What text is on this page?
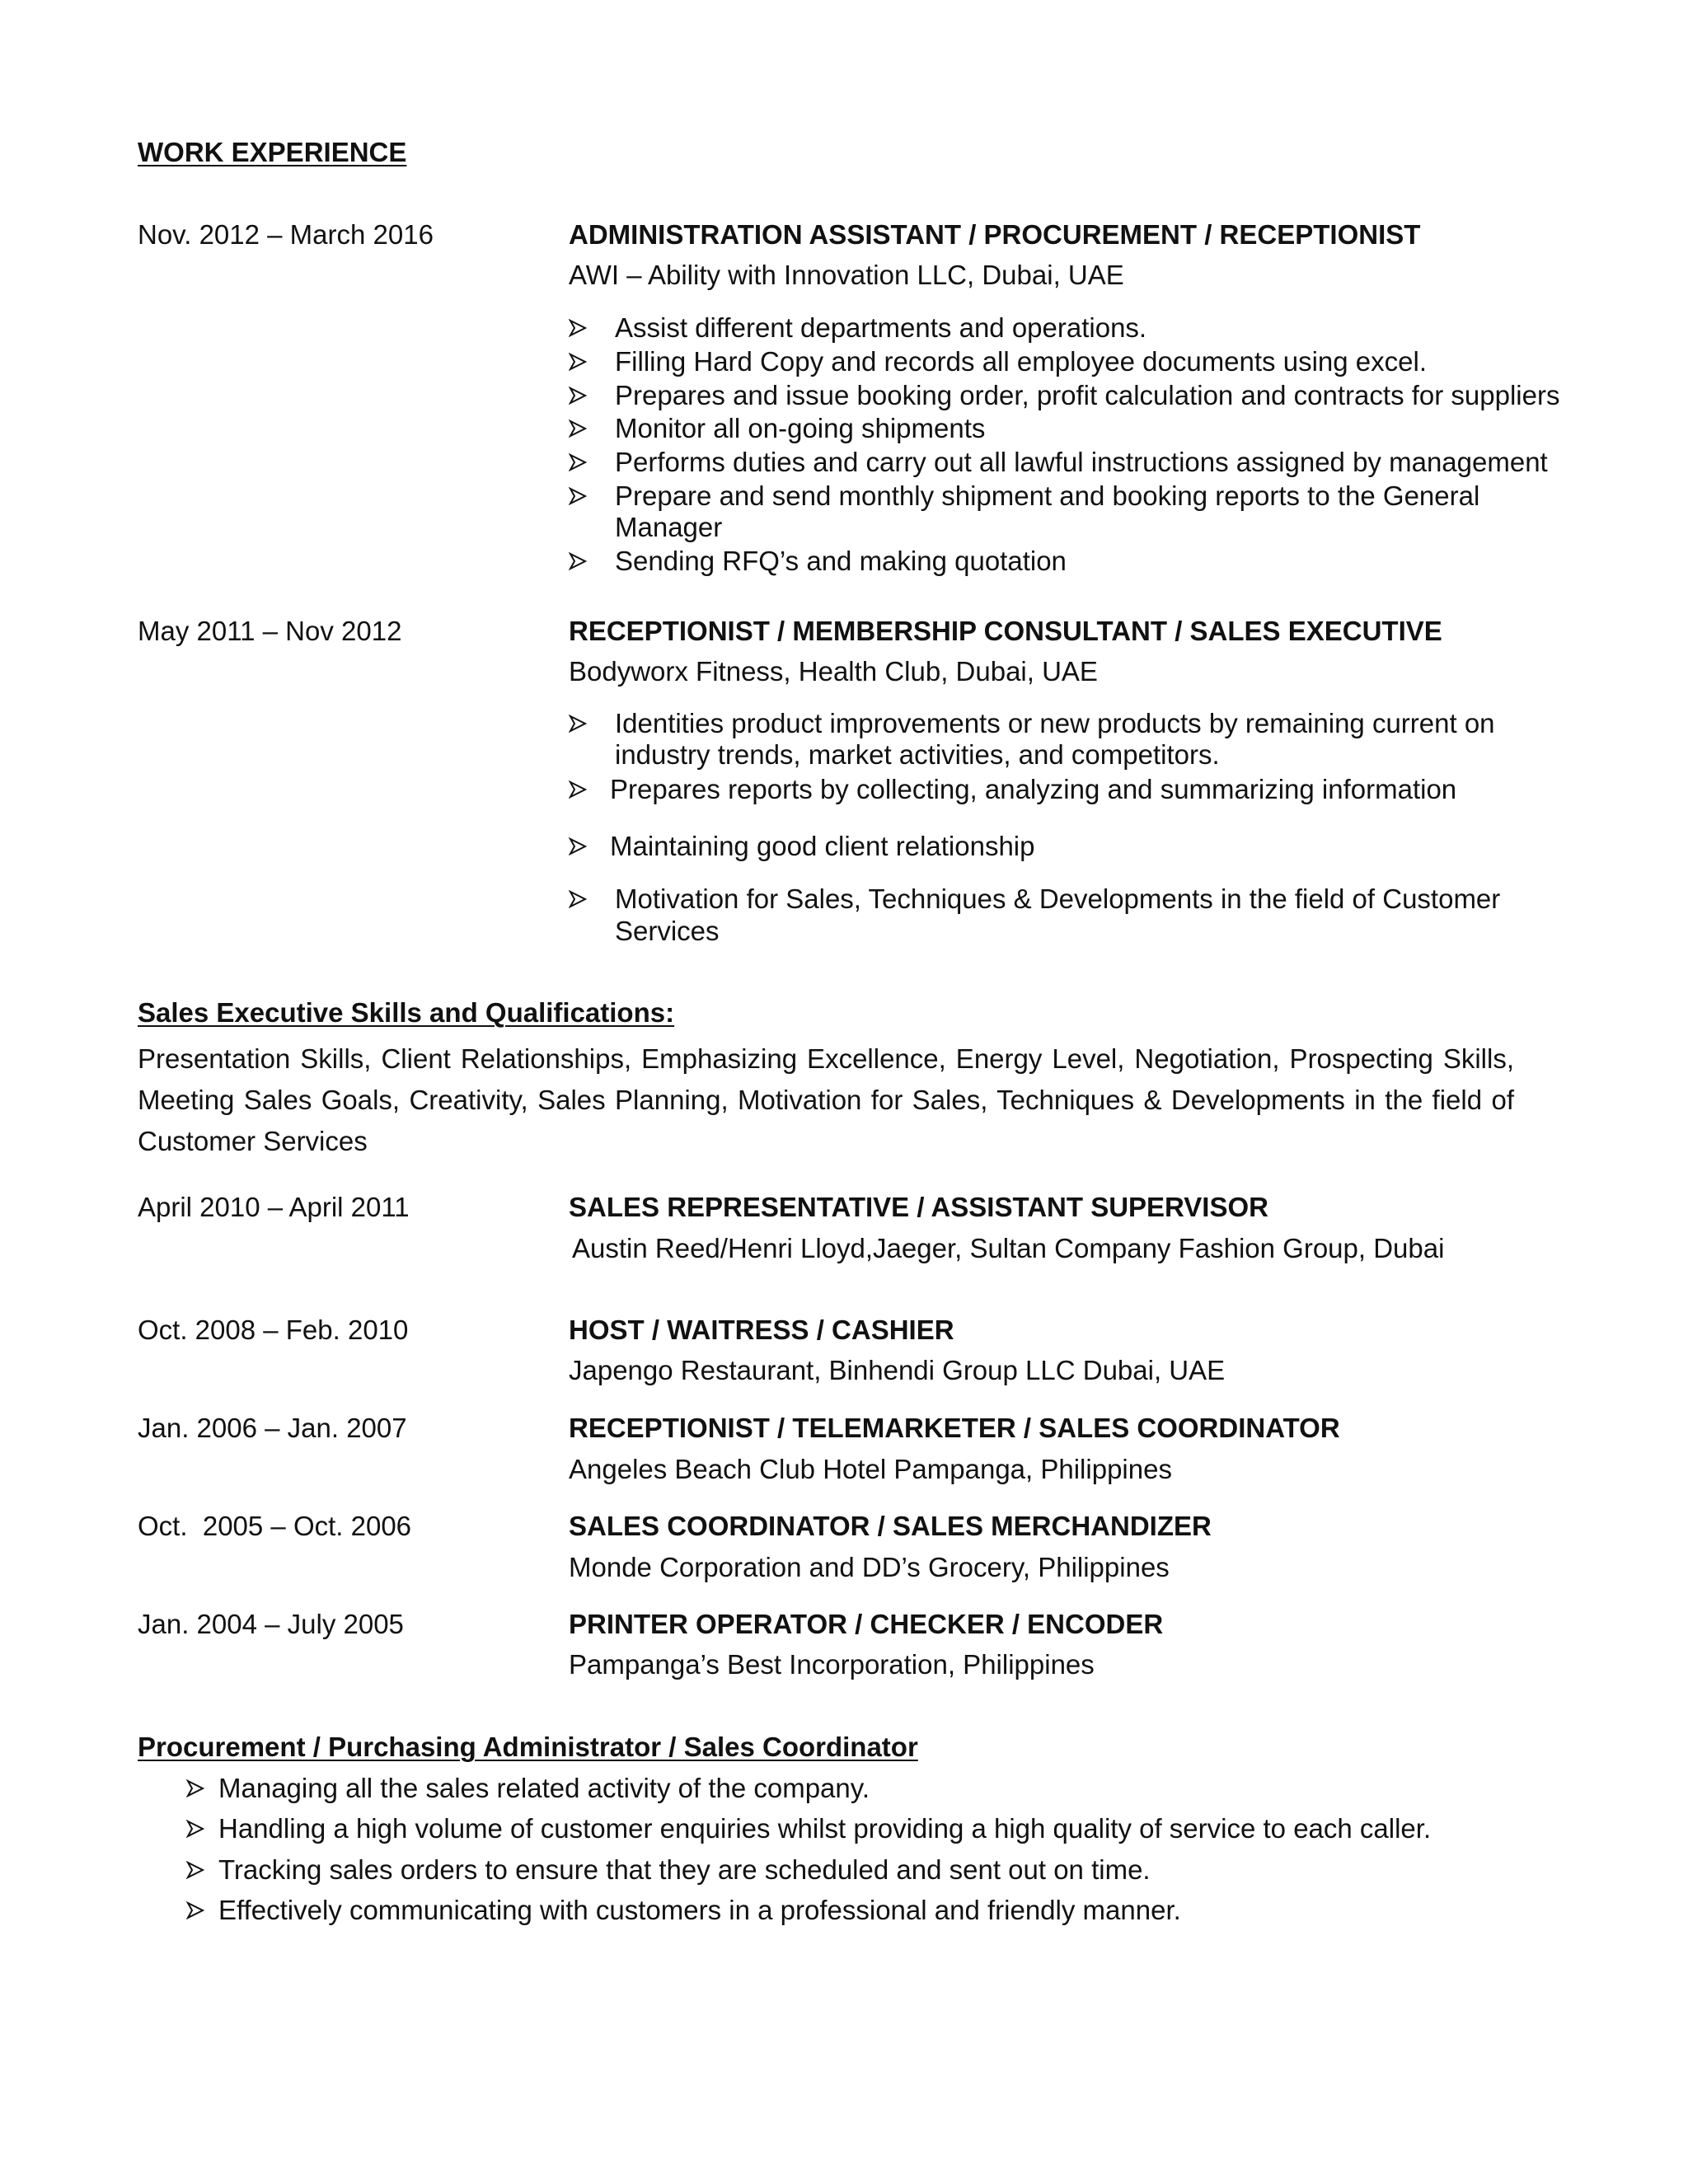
WORK EXPERIENCE
Nov. 2012 – March 2016	ADMINISTRATION ASSISTANT / PROCUREMENT / RECEPTIONIST
AWI – Ability with Innovation LLC, Dubai, UAE
Assist different departments and operations.
Filling Hard Copy and records all employee documents using excel.
Prepares and issue booking order, profit calculation and contracts for suppliers
Monitor all on-going shipments
Performs duties and carry out all lawful instructions assigned by management
Prepare and send monthly shipment and booking reports to the General
Manager
Sending RFQ’s and making quotation
May 2011 – Nov 2012	RECEPTIONIST / MEMBERSHIP CONSULTANT / SALES EXECUTIVE
Bodyworx Fitness, Health Club, Dubai, UAE
Identities product improvements or new products by remaining current on
industry trends, market activities, and competitors.
Prepares reports by collecting, analyzing and summarizing information
Maintaining good client relationship
Motivation for Sales, Techniques & Developments in the field of Customer
Services
Sales Executive Skills and Qualifications:
Presentation Skills, Client Relationships, Emphasizing Excellence, Energy Level, Negotiation, Prospecting Skills, Meeting Sales Goals, Creativity, Sales Planning, Motivation for Sales, Techniques & Developments in the field of Customer Services
April 2010 – April 2011	SALES REPRESENTATIVE / ASSISTANT SUPERVISOR
Austin Reed/Henri Lloyd,Jaeger, Sultan Company Fashion Group, Dubai
Oct. 2008 – Feb. 2010	HOST / WAITRESS / CASHIER
Japengo Restaurant, Binhendi Group LLC Dubai, UAE
Jan. 2006 – Jan. 2007	RECEPTIONIST / TELEMARKETER / SALES COORDINATOR
Angeles Beach Club Hotel Pampanga, Philippines
Oct.  2005 – Oct. 2006	SALES COORDINATOR / SALES MERCHANDIZER
Monde Corporation and DD’s Grocery, Philippines
Jan. 2004 – July 2005	PRINTER OPERATOR / CHECKER / ENCODER
Pampanga’s Best Incorporation, Philippines
Procurement / Purchasing Administrator / Sales Coordinator
Managing all the sales related activity of the company.
Handling a high volume of customer enquiries whilst providing a high quality of service to each caller.
Tracking sales orders to ensure that they are scheduled and sent out on time.
Effectively communicating with customers in a professional and friendly manner.
